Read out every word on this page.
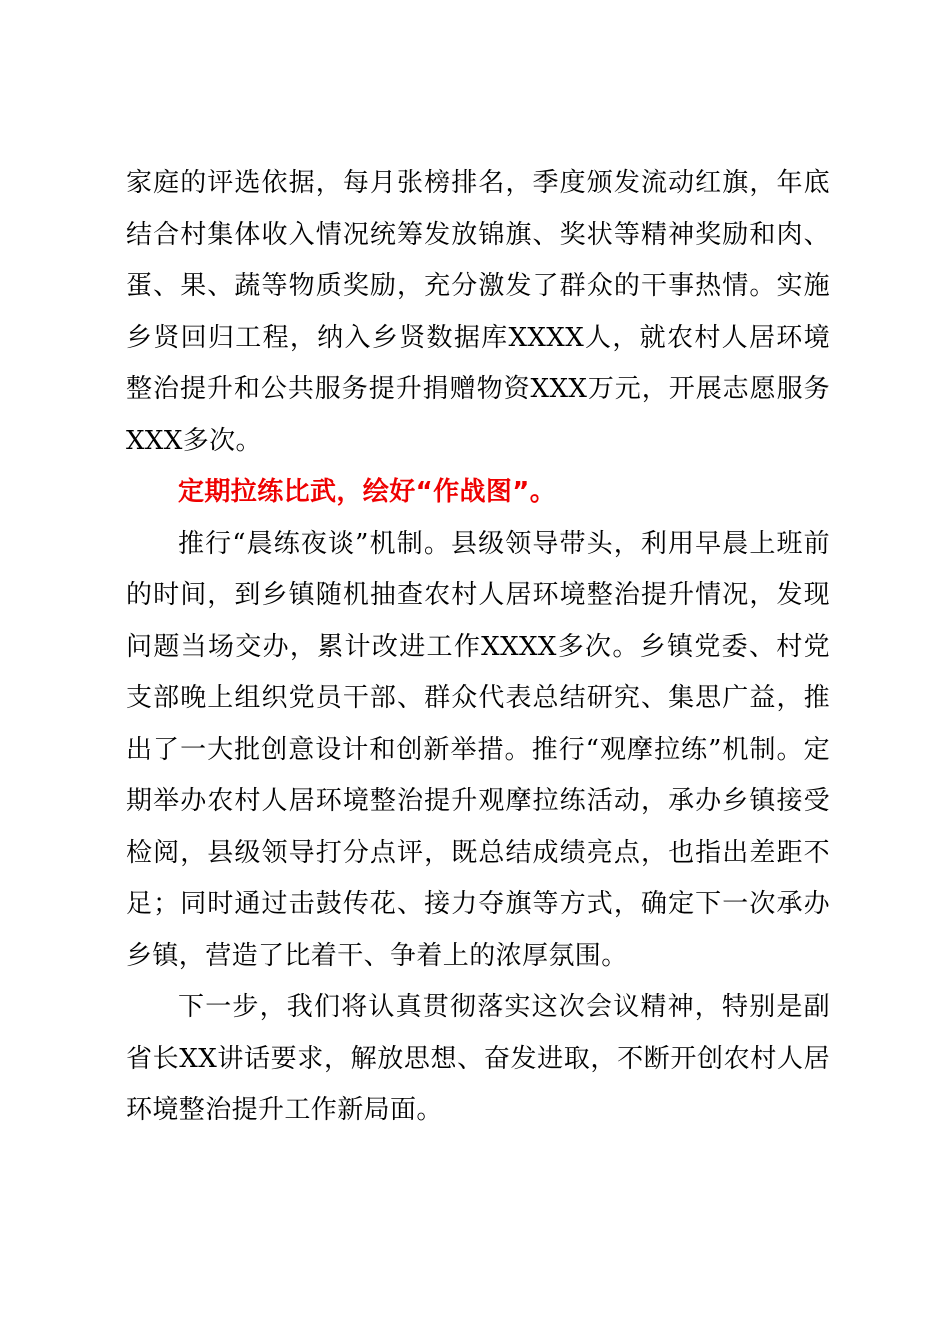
家庭的评选依据，每月张榜排名，季度颁发流动红旗，年底结合村集体收入情况统筹发放锦旗、奖状等精神奖励和肉、蛋、果、蔬等物质奖励，充分激发了群众的干事热情。实施乡贤回归工程，纳入乡贤数据库XXXX人，就农村人居环境整治提升和公共服务提升捐赠物资XXX万元，开展志愿服务XXX多次。

定期拉练比武，绘好“作战图”。

推行“晨练夜谈”机制。县级领导带头，利用早晨上班前的时间，到乡镇随机抽查农村人居环境整治提升情况，发现问题当场交办，累计改进工作XXXX多次。乡镇党委、村党支部晚上组织党员干部、群众代表总结研究、集思广益，推出了一大批创意设计和创新举措。推行“观摩拉练”机制。定期举办农村人居环境整治提升观摩拉练活动，承办乡镇接受检阅，县级领导打分点评，既总结成绩亮点，也指出差距不足；同时通过击鼓传花、接力夺旗等方式，确定下一次承办乡镇，营造了比着干、争着上的浓厚氛围。

下一步，我们将认真贯彻落实这次会议精神，特别是副省长XX讲话要求，解放思想、奋发进取，不断开创农村人居环境整治提升工作新局面。
